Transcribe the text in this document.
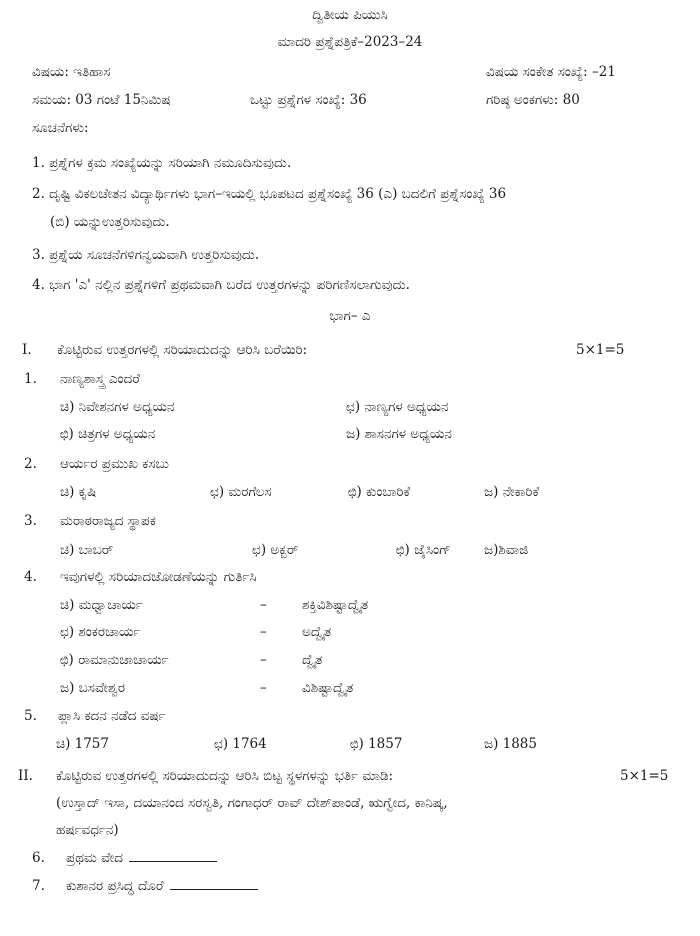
ದ್ವಿತೀಯ ಪಿಯುಸಿ
ಮಾದರಿ ಪ್ರಶ್ನೆಪತ್ರಿಕೆ–2023–24
ವಿಷಯ: ಇತಿಹಾಸ	ವಿಷಯ ಸಂಕೇತ ಸಂಖ್ಯೆ: –21
ಸಮಯ: 03 ಗಂಟೆ 15ನಿಮಿಷ	ಒಟ್ಟು ಪ್ರಶ್ನೆಗಳ ಸಂಖ್ಯೆ: 36	ಗರಿಷ್ಠ ಅಂಕಗಳು: 80
ಸೂಚನೆಗಳು:
1. ಪ್ರಶ್ನೆಗಳ ಕ್ರಮ ಸಂಖ್ಯೆಯನ್ನು ಸರಿಯಾಗಿ ನಮೂದಿಸುವುದು.
2. ದೃಷ್ಟಿ ವಿಕಲಚೇತನ ವಿದ್ಯಾರ್ಥಿಗಳು ಭಾಗ–ಇಯಲ್ಲಿ ಭೂಪಟದ ಪ್ರಶ್ನೆಸಂಖ್ಯೆ 36 (ಎ) ಬದಲಿಗೆ ಪ್ರಶ್ನೆಸಂಖ್ಯೆ 36
(ಬಿ) ಯನ್ನುಉತ್ತರಿಸುವುದು.
3. ಪ್ರಶ್ನೆಯ ಸೂಚನೆಗಳಿಗನ್ವಯವಾಗಿ ಉತ್ತರಿಸುವುದು.
4. ಭಾಗ 'ಎ' ನಲ್ಲಿನ ಪ್ರಶ್ನೆಗಳಿಗೆ ಪ್ರಥಮವಾಗಿ ಬರೆದ ಉತ್ತರಗಳನ್ನು ಪರಿಗಣಿಸಲಾಗುವುದು.
ಭಾಗ– ಎ
I. ಕೊಟ್ಟಿರುವ ಉತ್ತರಗಳಲ್ಲಿ ಸರಿಯಾದುದನ್ನು ಆರಿಸಿ ಬರೆಯಿರಿ:	5×1=5
1. ನಾಣ್ಯಶಾಸ್ತ್ರ ಎಂದರೆ
ಚಿ) ನಿವೇಶನಗಳ ಅಧ್ಯಯನ	ಛ) ನಾಣ್ಯಗಳ ಅಧ್ಯಯನ
ಛಿ) ಚಿತ್ರಗಳ ಅಧ್ಯಯನ	ಜ) ಶಾಸನಗಳ ಅಧ್ಯಯನ
2. ಆರ್ಯರ ಪ್ರಮುಖ ಕಸಬು
ಚಿ) ಕೃಷಿ	ಛ) ಮರಗೆಲಸ	ಛಿ) ಕುಂಬಾರಿಕೆ	ಜ) ನೇಕಾರಿಕೆ
3. ಮರಾಠರಾಜ್ಯದ ಸ್ಥಾಪಕ
ಚಿ) ಬಾಬರ್	ಛ) ಅಕ್ಬರ್	ಛಿ) ಜೈಸಿಂಗ್ ಜ)ಶಿವಾಜಿ
4. ಇವುಗಳಲ್ಲಿ ಸರಿಯಾದಜೋಡಣೆಯನ್ನು ಗುರ್ತಿಸಿ
ಚಿ) ಮಧ್ವಾಚಾರ್ಯ	–	ಶಕ್ತಿವಿಶಿಷ್ಟಾದ್ವೈತ
ಛ) ಶಂಕರಚಾರ್ಯ	–	ಅದ್ವೈತ
ಛಿ) ರಾಮಾನುಜಾಚಾರ್ಯ	–	ದ್ವೈತ
ಜ) ಬಸವೇಶ್ವರ	–	ವಿಶಿಷ್ಟಾದ್ವೈತ
5. ಪ್ಲಾಸಿ ಕದನ ನಡೆದ ವರ್ಷ
ಚಿ) 1757	ಛ) 1764	ಛಿ) 1857	ಜ) 1885
II. ಕೊಟ್ಟಿರುವ ಉತ್ತರಗಳಲ್ಲಿ ಸರಿಯಾದುದನ್ನು ಆರಿಸಿ ಬಿಟ್ಟ ಸ್ಥಳಗಳನ್ನು ಭರ್ತಿ ಮಾಡಿ:	5×1=5
(ಉಸ್ತಾದ್ ಇಸಾ, ದಯಾನಂದ ಸರಸ್ವತಿ, ಗಂಗಾಧರ್ ರಾವ್ ದೇಶ್‌ಪಾಂಡೆ, ಋಗ್ವೇದ, ಕಾನಿಷ್ಕ,
ಹರ್ಷವರ್ಧನ)
6. ಪ್ರಥಮ ವೇದ
7. ಕುಶಾನರ ಪ್ರಸಿದ್ಧ ದೊರೆ
